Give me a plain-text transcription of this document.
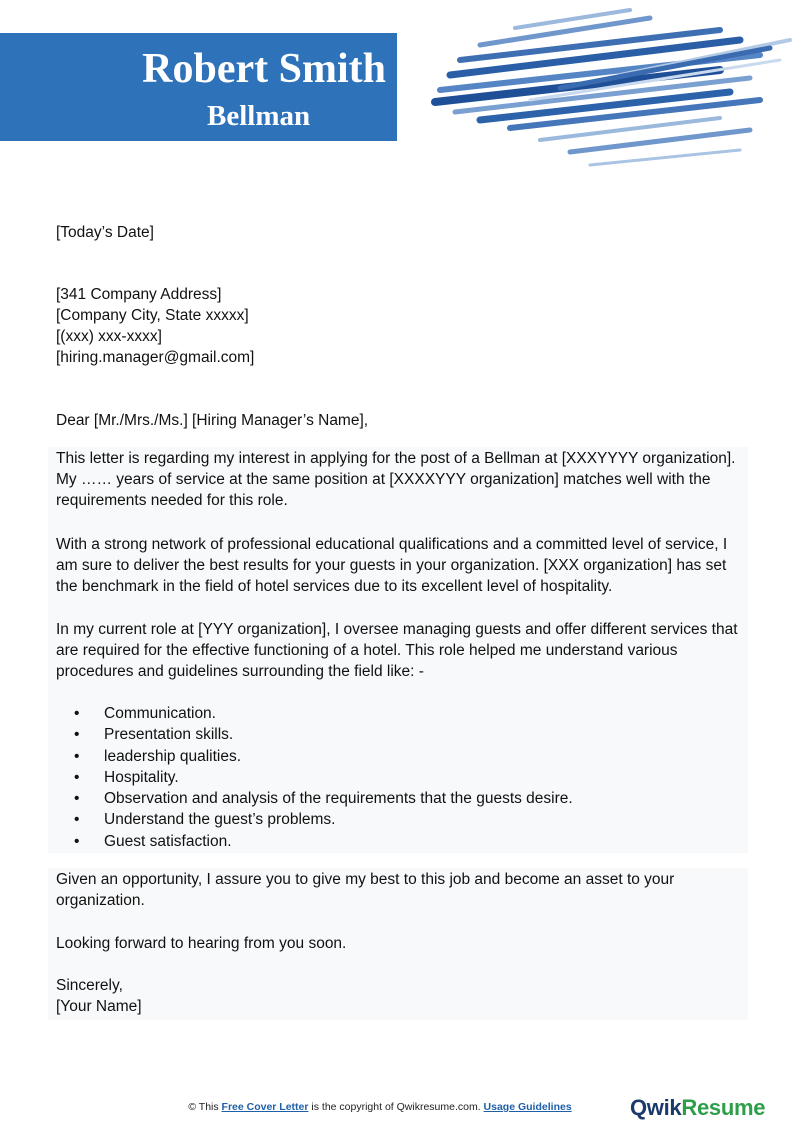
Robert Smith
Bellman
[Today’s Date]
[341 Company Address]
[Company City, State xxxxx]
[(xxx) xxx-xxxx]
[hiring.manager@gmail.com]
Dear [Mr./Mrs./Ms.] [Hiring Manager’s Name],

This letter is regarding my interest in applying for the post of a Bellman at [XXXYYYY organization]. My …… years of service at the same position at [XXXXYYY organization] matches well with the requirements needed for this role.

With a strong network of professional educational qualifications and a committed level of service, I am sure to deliver the best results for your guests in your organization. [XXX organization] has set the benchmark in the field of hotel services due to its excellent level of hospitality.

In my current role at [YYY organization], I oversee managing guests and offer different services that are required for the effective functioning of a hotel. This role helped me understand various procedures and guidelines surrounding the field like: -

• Communication.
• Presentation skills.
• leadership qualities.
• Hospitality.
• Observation and analysis of the requirements that the guests desire.
• Understand the guest’s problems.
• Guest satisfaction.

Given an opportunity, I assure you to give my best to this job and become an asset to your organization.

Looking forward to hearing from you soon.
Sincerely,
[Your Name]
© This Free Cover Letter is the copyright of Qwikresume.com. Usage Guidelines	QwikResume
